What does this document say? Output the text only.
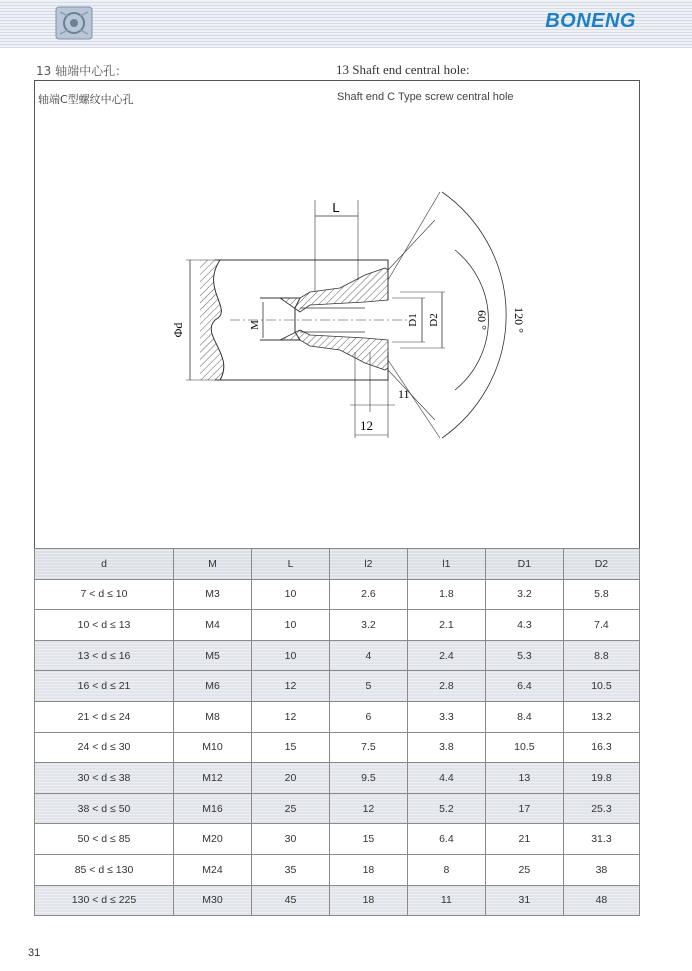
BONENG
13 轴端中心孔：	13 Shaft end central hole:
轴端C型螺纹中心孔	Shaft end C Type screw central hole
Φd	M
L
D1 D2	60 ° 120 °
11
12
d	M	L	l2	l1	D1	D2
7 < d ≤ 10	M3	10	2.6	1.8	3.2	5.8
10 < d ≤ 13	M4	10	3.2	2.1	4.3	7.4
13 < d ≤ 16	M5	10	4	2.4	5.3	8.8
16 < d ≤ 21	M6	12	5	2.8	6.4	10.5
21 < d ≤ 24	M8	12	6	3.3	8.4	13.2
24 < d ≤ 30	M10	15	7.5	3.8	10.5	16.3
30 < d ≤ 38	M12	20	9.5	4.4	13	19.8
38 < d ≤ 50	M16	25	12	5.2	17	25.3
50 < d ≤ 85	M20	30	15	6.4	21	31.3
85 < d ≤ 130	M24	35	18	8	25	38
130 < d ≤ 225	M30	45	18	11	31	48
31
